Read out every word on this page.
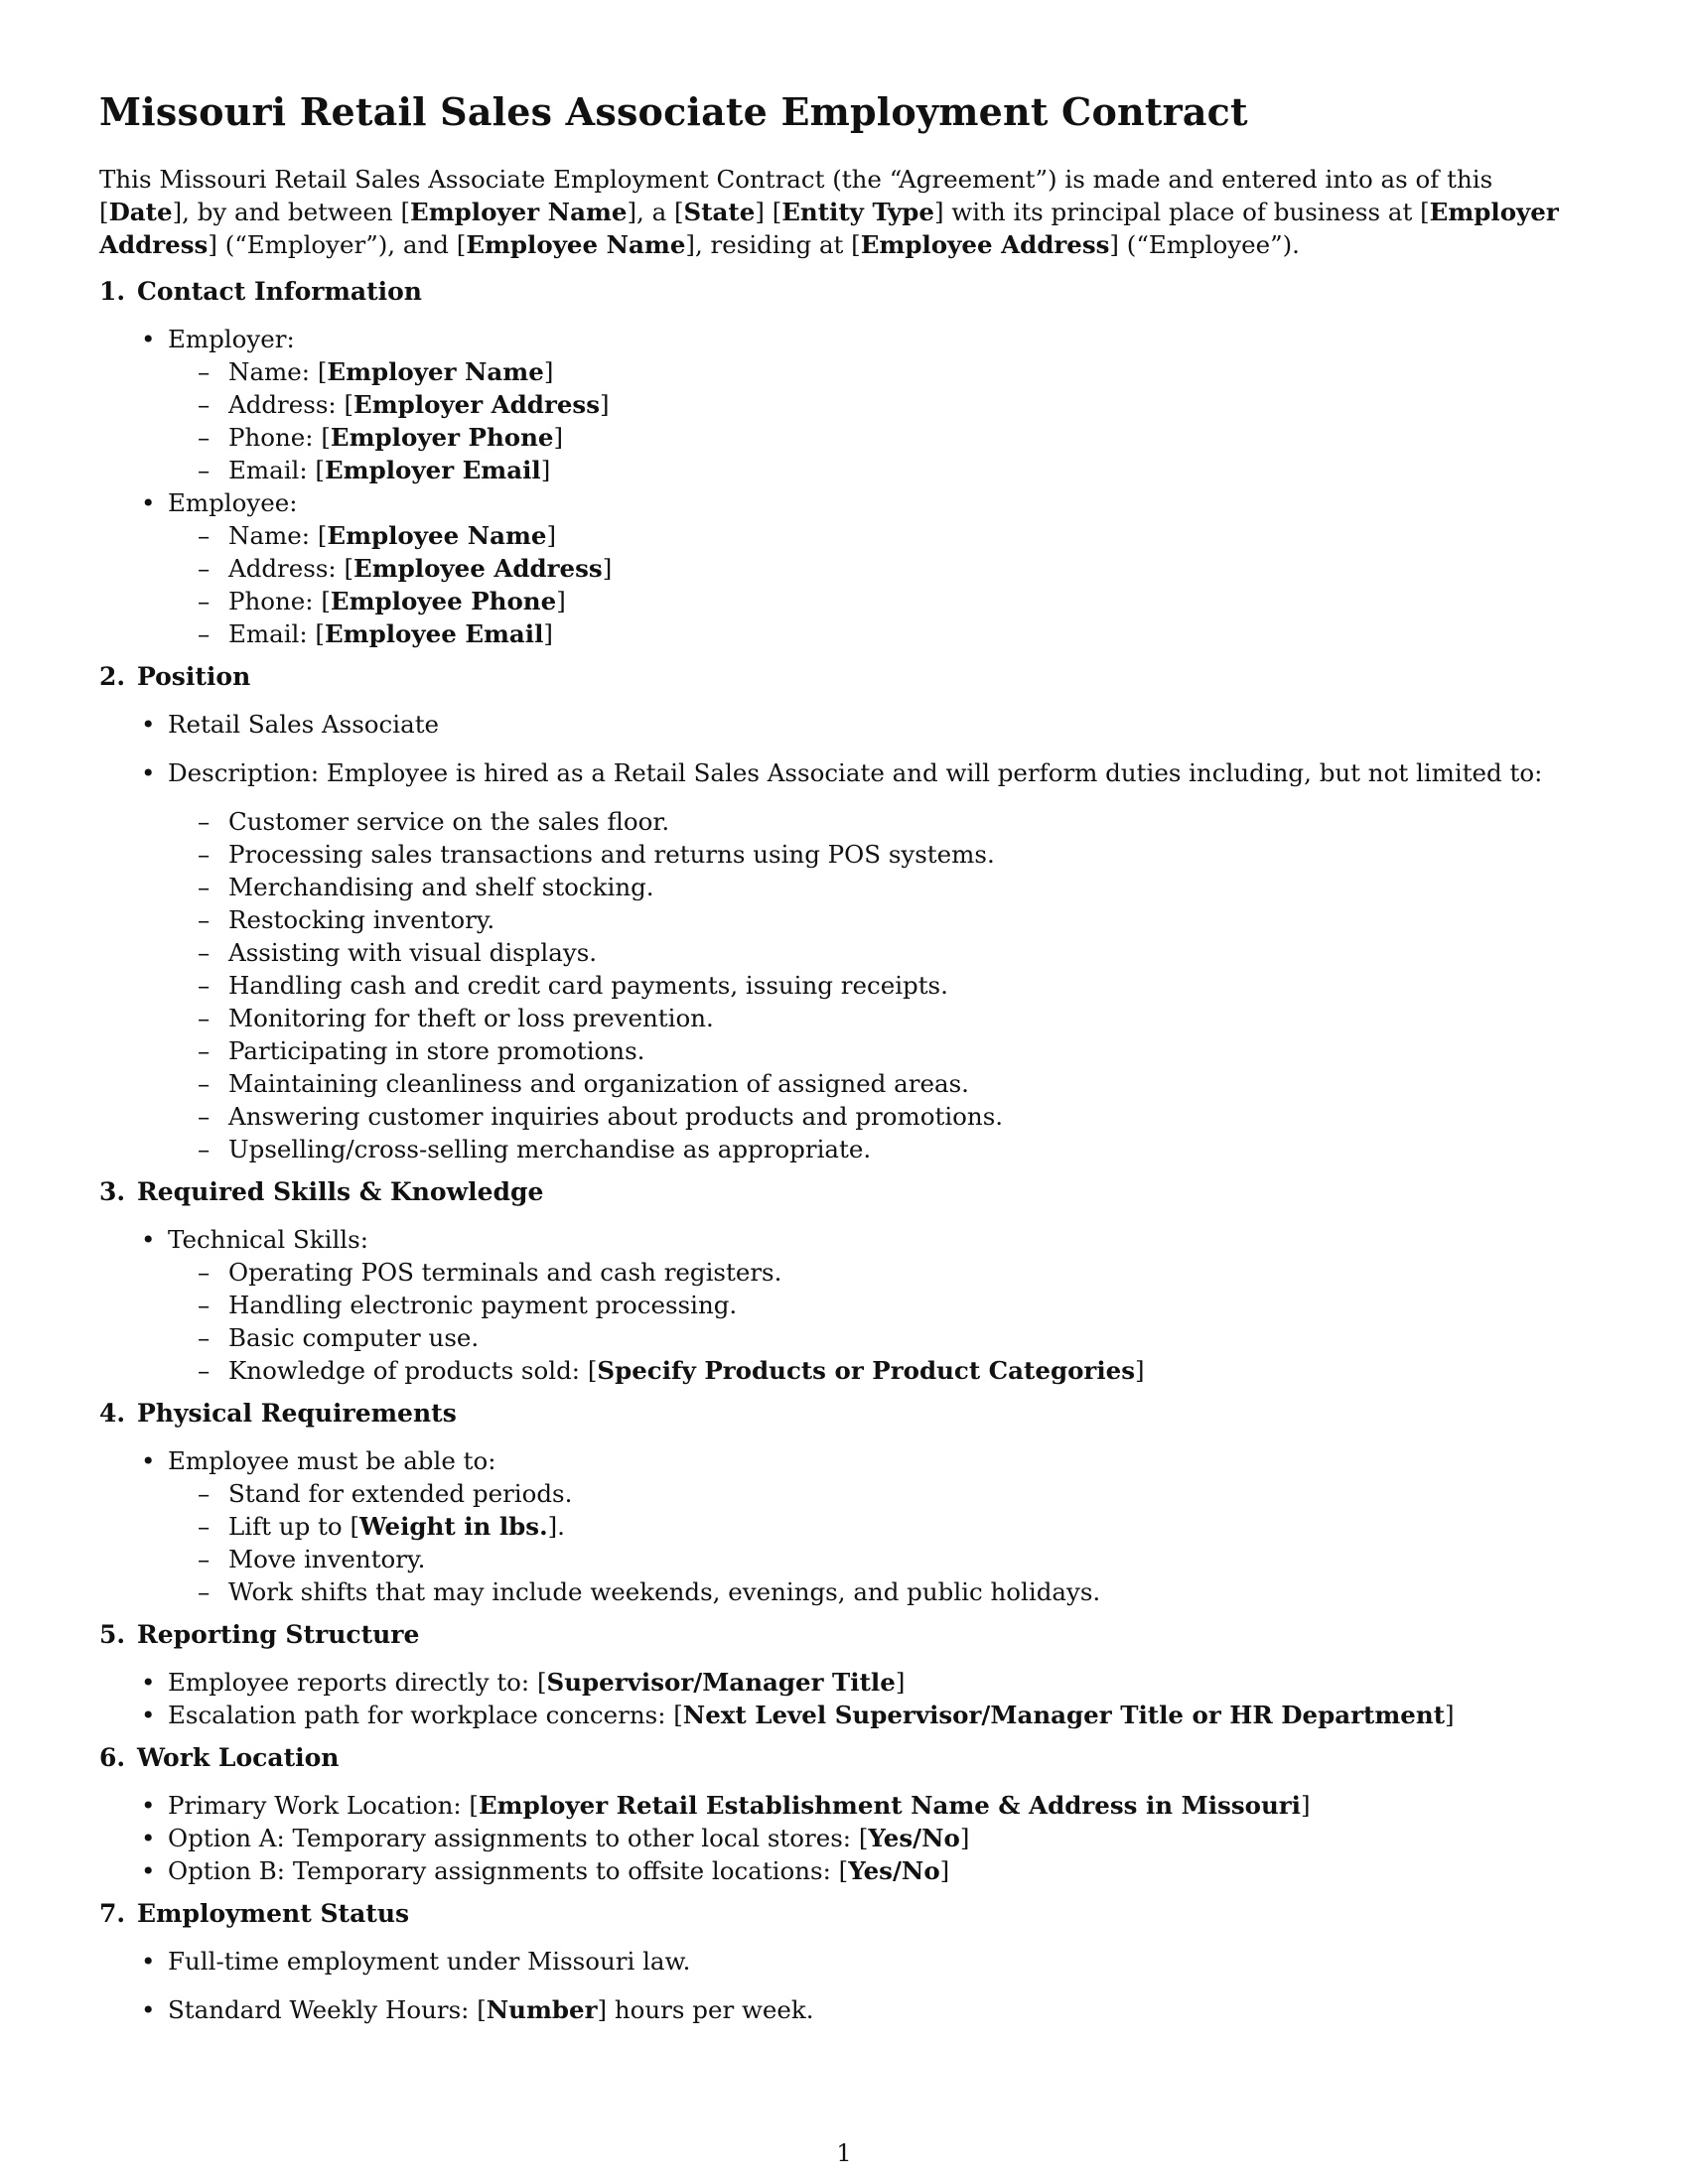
Missouri Retail Sales Associate Employment Contract

This Missouri Retail Sales Associate Employment Contract (the “Agreement”) is made and entered into as of this [Date], by and between [Employer Name], a [State] [Entity Type] with its principal place of business at [Employer Address] (“Employer”), and [Employee Name], residing at [Employee Address] (“Employee”).

1. Contact Information
• Employer:
– Name: [Employer Name]
– Address: [Employer Address]
– Phone: [Employer Phone]
– Email: [Employer Email]
• Employee:
– Name: [Employee Name]
– Address: [Employee Address]
– Phone: [Employee Phone]
– Email: [Employee Email]
2. Position
• Retail Sales Associate
• Description: Employee is hired as a Retail Sales Associate and will perform duties including, but not limited to:
– Customer service on the sales floor.
– Processing sales transactions and returns using POS systems.
– Merchandising and shelf stocking.
– Restocking inventory.
– Assisting with visual displays.
– Handling cash and credit card payments, issuing receipts.
– Monitoring for theft or loss prevention.
– Participating in store promotions.
– Maintaining cleanliness and organization of assigned areas.
– Answering customer inquiries about products and promotions.
– Upselling/cross-selling merchandise as appropriate.
3. Required Skills & Knowledge
• Technical Skills:
– Operating POS terminals and cash registers.
– Handling electronic payment processing.
– Basic computer use.
– Knowledge of products sold: [Specify Products or Product Categories]
4. Physical Requirements
• Employee must be able to:
– Stand for extended periods.
– Lift up to [Weight in lbs.].
– Move inventory.
– Work shifts that may include weekends, evenings, and public holidays.
5. Reporting Structure
• Employee reports directly to: [Supervisor/Manager Title]
• Escalation path for workplace concerns: [Next Level Supervisor/Manager Title or HR Department]
6. Work Location
• Primary Work Location: [Employer Retail Establishment Name & Address in Missouri]
• Option A: Temporary assignments to other local stores: [Yes/No]
• Option B: Temporary assignments to offsite locations: [Yes/No]
7. Employment Status
• Full-time employment under Missouri law.
• Standard Weekly Hours: [Number] hours per week.
1
